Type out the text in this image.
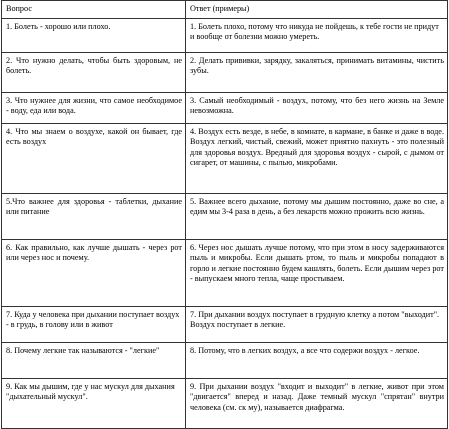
Вопрос	Ответ (примеры)
1. Болеть - хорошо или плохо.	1. Болеть плохо, потому что никуда не пойдешь, к тебе гости не придут и вообще от болезни можно умереть.
2. Что нужно делать, чтобы быть здоровым, не болеть.	2. Делать прививки, зарядку, закаляться, принимать витамины, чистить зубы.
3. Что нужнее для жизни, что самое необходимое - воду, еда или вода.	3. Самый необходимый - воздух, потому, что без него жизнь на Земле невозможна.
4. Что мы знаем о воздухе, какой он бывает, где есть воздух	4. Воздух есть везде, в небе, в комнате, в кармане, в банке и даже в воде. Воздух легкий, чистый, свежий, может приятно пахнуть - это полезный для здоровья воздух. Вредный для здоровья воздух - сырой, с дымом от сигарет, от машины, с пылью, микробами.
5.Что важнее для здоровья - таблетки, дыхание или питание	5. Важнее всего дыхание, потому мы дышим постоянно, даже во сне, а едим мы 3-4 раза в день, а без лекарств можно прожить всю жизнь.
6. Как правильно, как лучше дышать - через рот или через нос и почему.	6. Через нос дышать лучше потому, что при этом в носу задерживаются пыль и микробы. Если дышать ртом, то пыль и микробы попадают в горло и легкие постоянно будем кашлять, болеть. Если дышим через рот - выпускаем много тепла, чаще простываем.
7. Куда у человека при дыхании поступает воздух - в грудь, в голову или в живот	7. При дыхании воздух поступает в грудную клетку а потом "выходит". Воздух поступает в легкие.
8. Почему легкие так называются - "легкие"	8. Потому, что в легких воздух, а все что содержи воздух - легкое.
9. Как мы дышим, где у нас мускул для дыхания "дыхательный мускул".	9. При дыхании воздух "входит и выходит" в легкие, живот при этом "двигается" вперед и назад. Даже темный мускул "спрятан" внутри человека (см. ск му), называется диафрагма.
